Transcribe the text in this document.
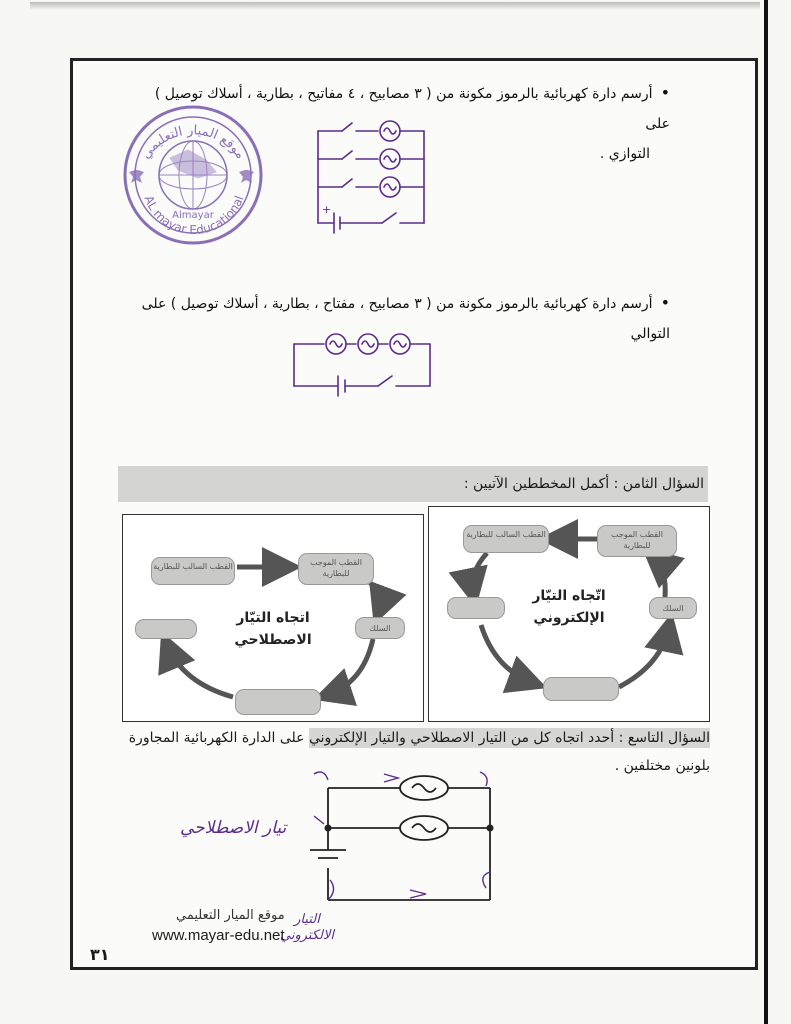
•أرسم دارة كهربائية بالرموز مكونة من ( ٣ مصابيح ، ٤ مفاتيح ، بطارية ، أسلاك توصيل ) على
التوازي .
موقع الميار التعليمي
AL mayar Educational
Almayar	+
•أرسم دارة كهربائية بالرموز مكونة من ( ٣ مصابيح ، مفتاح ، بطارية ، أسلاك توصيل ) على التوالي
السؤال الثامن : أكمل المخططين الآتيين :
القطب السالب للبطارية	القطب الموجب للبطارية
السلك
اتجاه التيّار الاصطلاحي
القطب السالب للبطارية	القطب الموجب للبطارية
السلك
اتّجاه التيّار الإلكتروني
السؤال التاسع : أحدد اتجاه كل من التيار الاصطلاحي والتيار الإلكتروني على الدارة الكهربائية المجاورة
بلونين مختلفين .
تيار الاصطلاحي
التيار الالكتروني
موقع الميار التعليمي
www.mayar-edu.net
٣١
